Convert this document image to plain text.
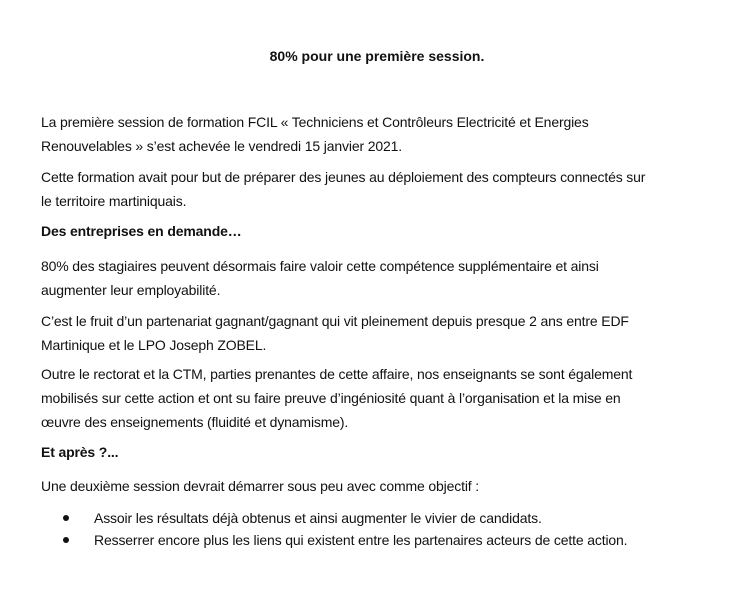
80% pour une première session.
La première session de formation FCIL « Techniciens et Contrôleurs Electricité et Energies
Renouvelables » s’est achevée le vendredi 15 janvier 2021.
Cette formation avait pour but de préparer des jeunes au déploiement des compteurs connectés sur
le territoire martiniquais.
Des entreprises en demande…
80% des stagiaires peuvent désormais faire valoir cette compétence supplémentaire et ainsi
augmenter leur employabilité.
C’est le fruit d’un partenariat gagnant/gagnant qui vit pleinement depuis presque 2 ans entre EDF
Martinique et le LPO Joseph ZOBEL.
Outre le rectorat et la CTM, parties prenantes de cette affaire, nos enseignants se sont également
mobilisés sur cette action et ont su faire preuve d’ingéniosité quant à l’organisation et la mise en
œuvre des enseignements (fluidité et dynamisme).
Et après ?...
Une deuxième session devrait démarrer sous peu avec comme objectif :
Assoir les résultats déjà obtenus et ainsi augmenter le vivier de candidats.
Resserrer encore plus les liens qui existent entre les partenaires acteurs de cette action.
